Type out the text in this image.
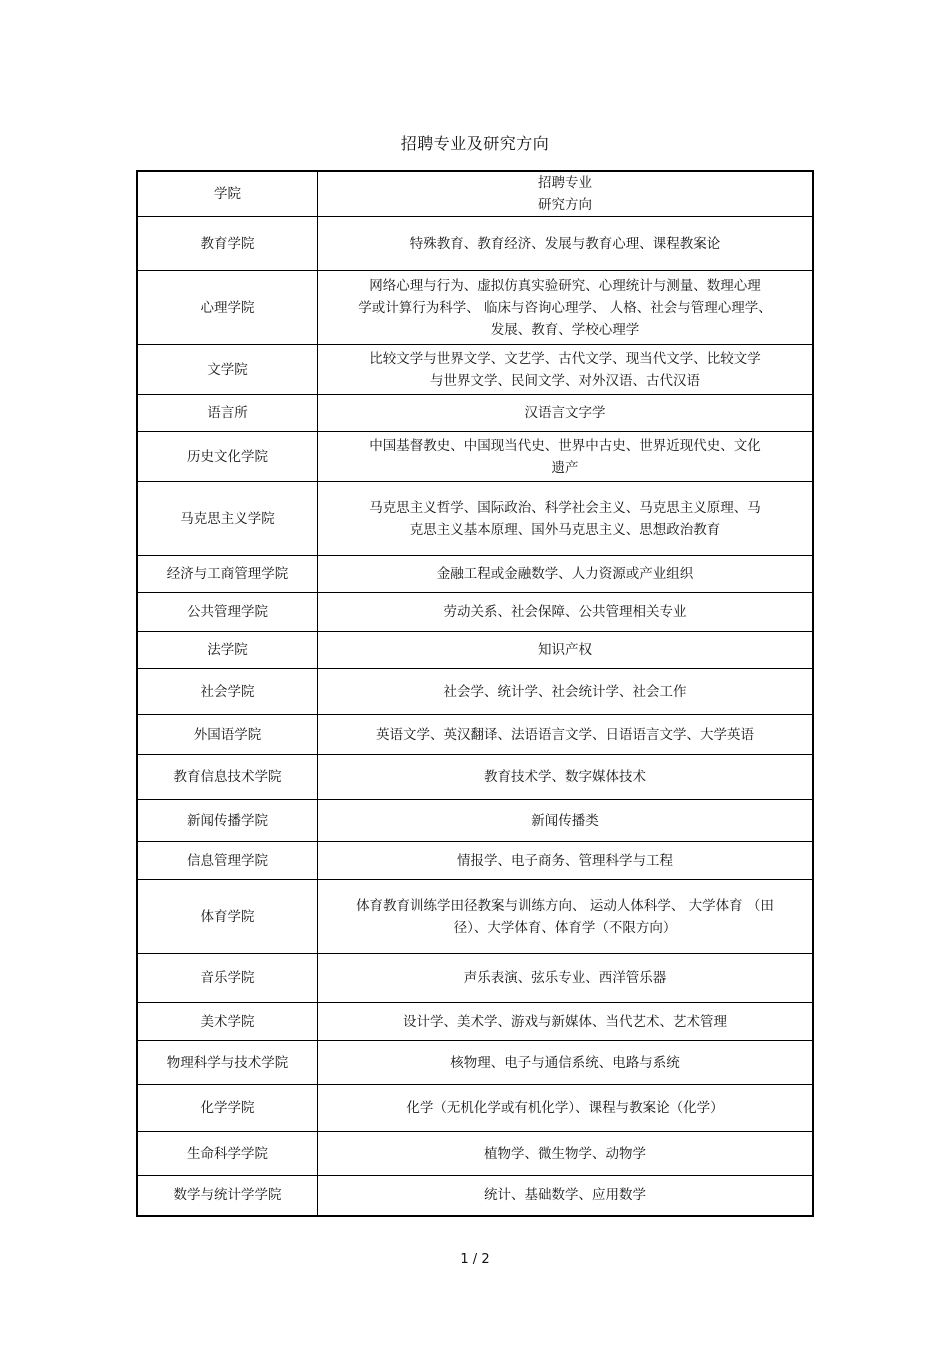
招聘专业及研究方向
学院	招聘专业
研究方向

教育学院	特殊教育、教育经济、发展与教育心理、课程教案论

心理学院	网络心理与行为、虚拟仿真实验研究、心理统计与测量、数理心理
学或计算行为科学、 临床与咨询心理学、 人格、社会与管理心理学、
发展、教育、学校心理学

文学院	比较文学与世界文学、文艺学、古代文学、现当代文学、比较文学
与世界文学、民间文学、对外汉语、古代汉语

语言所	汉语言文字学

历史文化学院	中国基督教史、中国现当代史、世界中古史、世界近现代史、文化
遗产

马克思主义学院	马克思主义哲学、国际政治、科学社会主义、马克思主义原理、马
克思主义基本原理、国外马克思主义、思想政治教育

经济与工商管理学院	金融工程或金融数学、人力资源或产业组织

公共管理学院	劳动关系、社会保障、公共管理相关专业

法学院	知识产权

社会学院	社会学、统计学、社会统计学、社会工作

外国语学院	英语文学、英汉翻译、法语语言文学、日语语言文学、大学英语

教育信息技术学院	教育技术学、数字媒体技术

新闻传播学院	新闻传播类

信息管理学院	情报学、电子商务、管理科学与工程

体育学院	体育教育训练学田径教案与训练方向、 运动人体科学、 大学体育 （田
径）、大学体育、体育学（不限方向）

音乐学院	声乐表演、弦乐专业、西洋管乐器

美术学院	设计学、美术学、游戏与新媒体、当代艺术、艺术管理

物理科学与技术学院	核物理、电子与通信系统、电路与系统

化学学院	化学（无机化学或有机化学）、课程与教案论（化学）

生命科学学院	植物学、微生物学、动物学

数学与统计学学院	统计、基础数学、应用数学
1 / 2
